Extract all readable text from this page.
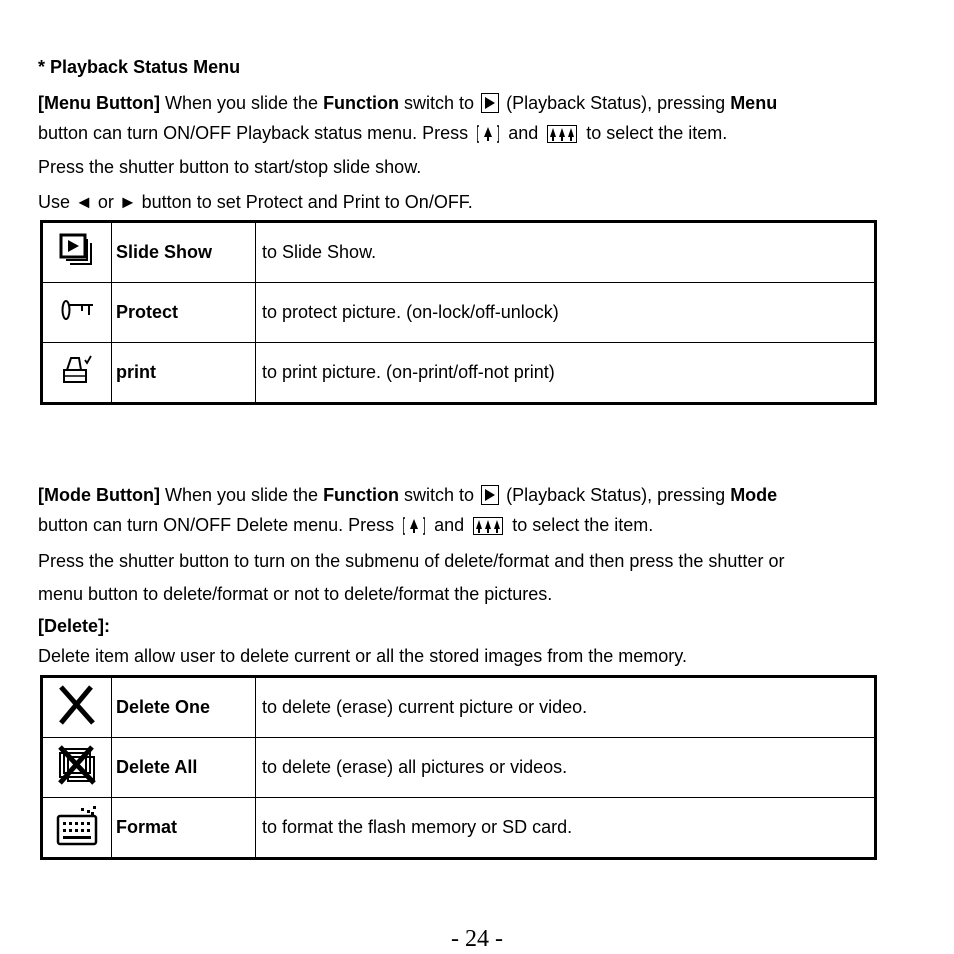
* Playback Status Menu
[Menu Button] When you slide the Function switch to
(Playback Status), pressing Menu
button can turn ON/OFF Playback status menu. Press  and  to select the item.
Press the shutter button to start/stop slide show.
Use ◄ or ► button to set Protect and Print to On/OFF.
	Slide Show	to Slide Show.
	Protect	to protect picture. (on-lock/off-unlock)
	print	to print picture. (on-print/off-not print)
[Mode Button] When you slide the Function switch to
(Playback Status), pressing Mode
button can turn ON/OFF Delete menu. Press  and  to select the item.
Press the shutter button to turn on the submenu of delete/format and then press the shutter or
menu button to delete/format or not to delete/format the pictures.
[Delete]:
Delete item allow user to delete current or all the stored images from the memory.
	Delete One	to delete (erase) current picture or video.
	Delete All	to delete (erase) all pictures or videos.
	Format	to format the flash memory or SD card.
- 24 -
